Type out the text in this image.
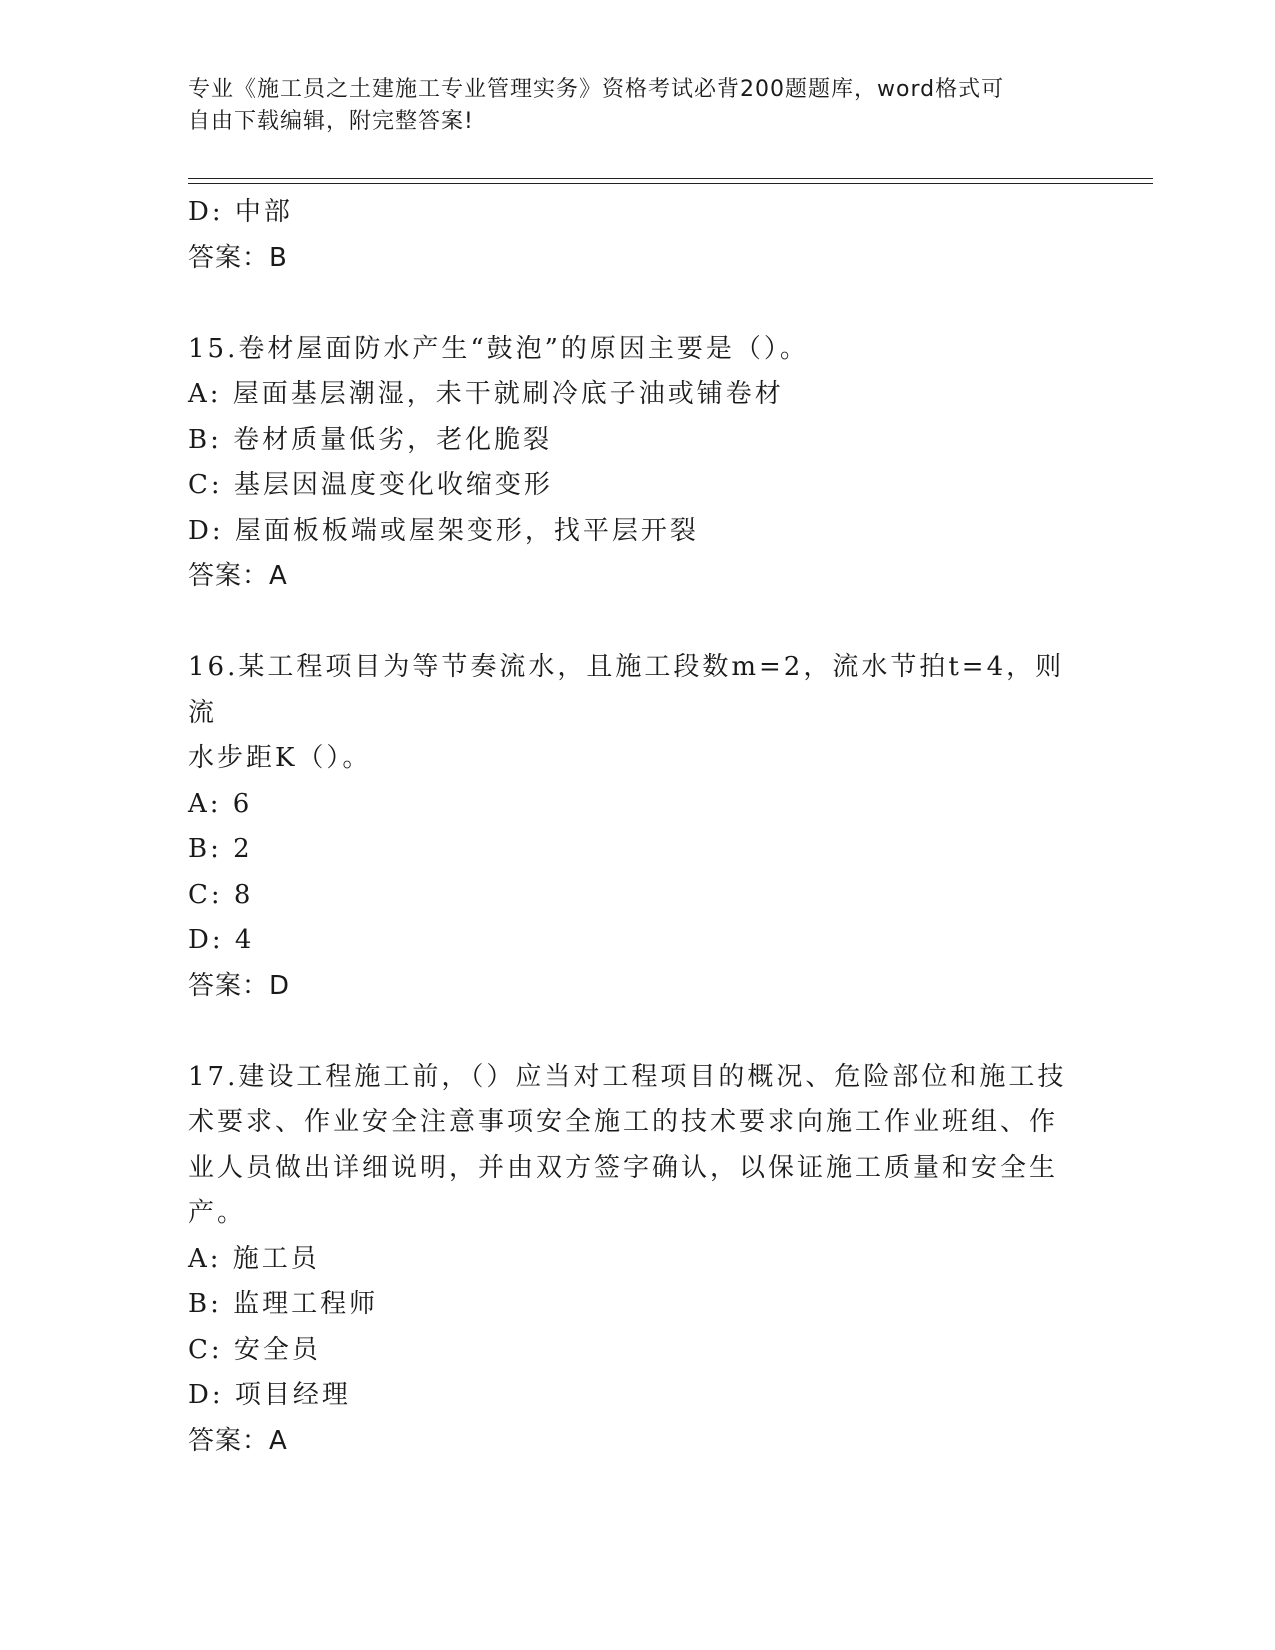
专业《施工员之土建施工专业管理实务》资格考试必背200题题库，word格式可
自由下载编辑，附完整答案!
D: 中部
答案：B
15.卷材屋面防水产生“鼓泡”的原因主要是（）。
A: 屋面基层潮湿，未干就刷冷底子油或铺卷材
B: 卷材质量低劣，老化脆裂
C: 基层因温度变化收缩变形
D: 屋面板板端或屋架变形，找平层开裂
答案：A
16.某工程项目为等节奏流水，且施工段数m=2，流水节拍t=4，则流
水步距K（）。
A: 6
B: 2
C: 8
D: 4
答案：D
17.建设工程施工前，（）应当对工程项目的概况、危险部位和施工技
术要求、作业安全注意事项安全施工的技术要求向施工作业班组、作
业人员做出详细说明，并由双方签字确认，以保证施工质量和安全生
产。
A: 施工员
B: 监理工程师
C: 安全员
D: 项目经理
答案：A
